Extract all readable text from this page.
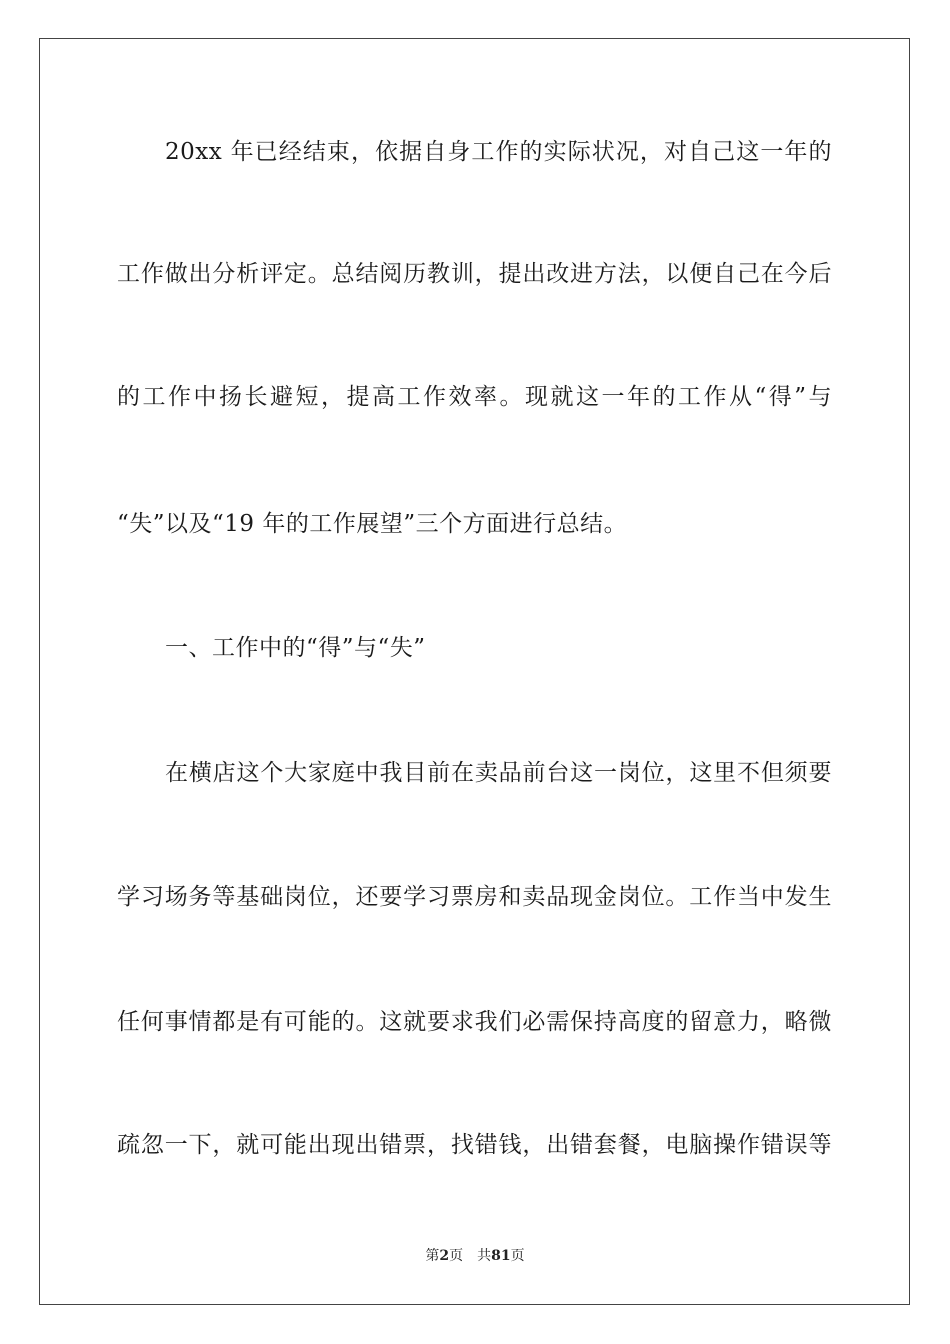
20xx 年已经结束，依据自身工作的实际状况，对自己这一年的
工作做出分析评定。总结阅历教训，提出改进方法，以便自己在今后
的工作中扬长避短，提高工作效率。现就这一年的工作从“得”与
“失”以及“19 年的工作展望”三个方面进行总结。
一、工作中的“得”与“失”
在横店这个大家庭中我目前在卖品前台这一岗位，这里不但须要
学习场务等基础岗位，还要学习票房和卖品现金岗位。工作当中发生
任何事情都是有可能的。这就要求我们必需保持高度的留意力，略微
疏忽一下，就可能出现出错票，找错钱，出错套餐，电脑操作错误等
第2页 共81页
